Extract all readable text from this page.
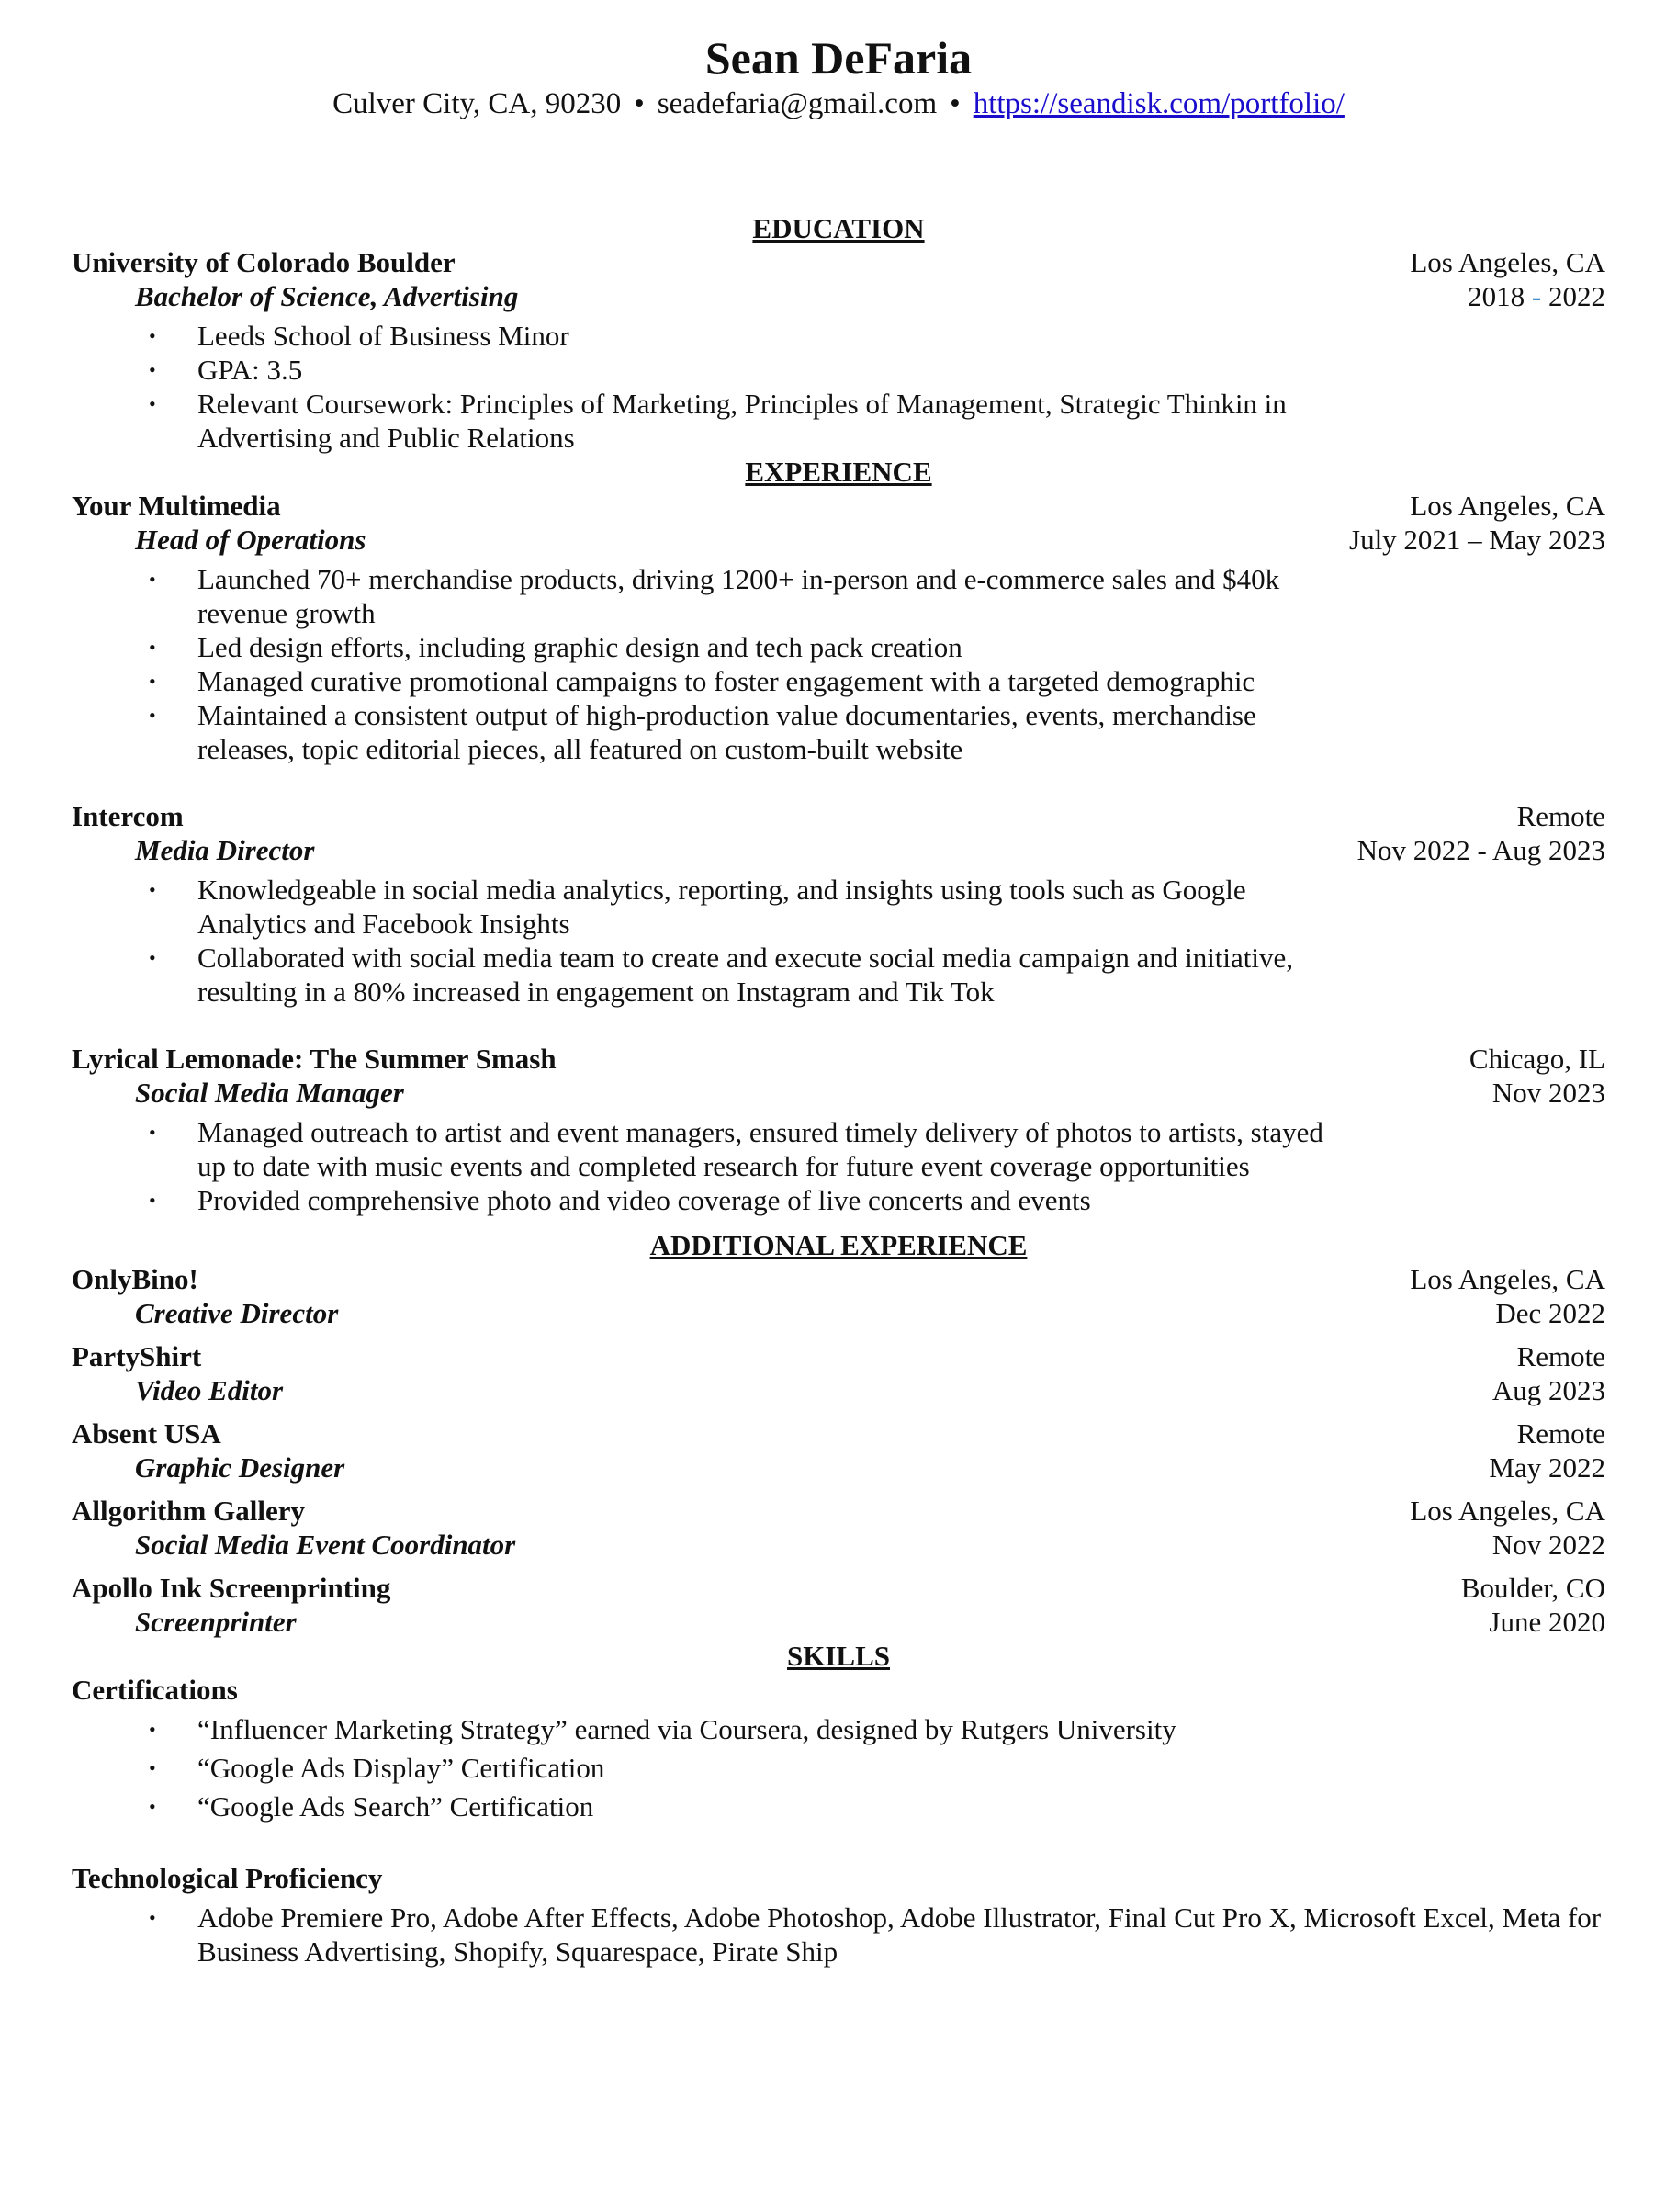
Sean DeFaria
Culver City, CA, 90230 • seadefaria@gmail.com • https://seandisk.com/portfolio/
EDUCATION
University of Colorado Boulder	Los Angeles, CA
Bachelor of Science, Advertising	2018 - 2022
• Leeds School of Business Minor
• GPA: 3.5
• Relevant Coursework: Principles of Marketing, Principles of Management, Strategic Thinkin in Advertising and Public Relations
EXPERIENCE
Your Multimedia	Los Angeles, CA
Head of Operations	July 2021 – May 2023
• Launched 70+ merchandise products, driving 1200+ in-person and e-commerce sales and $40k revenue growth
• Led design efforts, including graphic design and tech pack creation
• Managed curative promotional campaigns to foster engagement with a targeted demographic
• Maintained a consistent output of high-production value documentaries, events, merchandise releases, topic editorial pieces, all featured on custom-built website
Intercom	Remote
Media Director	Nov 2022 - Aug 2023
• Knowledgeable in social media analytics, reporting, and insights using tools such as Google Analytics and Facebook Insights
• Collaborated with social media team to create and execute social media campaign and initiative, resulting in a 80% increased in engagement on Instagram and Tik Tok
Lyrical Lemonade: The Summer Smash	Chicago, IL
Social Media Manager	Nov 2023
• Managed outreach to artist and event managers, ensured timely delivery of photos to artists, stayed up to date with music events and completed research for future event coverage opportunities
• Provided comprehensive photo and video coverage of live concerts and events
ADDITIONAL EXPERIENCE
OnlyBino!	Los Angeles, CA
Creative Director	Dec 2022
PartyShirt	Remote
Video Editor	Aug 2023
Absent USA	Remote
Graphic Designer	May 2022
Allgorithm Gallery	Los Angeles, CA
Social Media Event Coordinator	Nov 2022
Apollo Ink Screenprinting	Boulder, CO
Screenprinter	June 2020
SKILLS
Certifications
• “Influencer Marketing Strategy” earned via Coursera, designed by Rutgers University
• “Google Ads Display” Certification
• “Google Ads Search” Certification
Technological Proficiency
• Adobe Premiere Pro, Adobe After Effects, Adobe Photoshop, Adobe Illustrator, Final Cut Pro X, Microsoft Excel, Meta for Business Advertising, Shopify, Squarespace, Pirate Ship
